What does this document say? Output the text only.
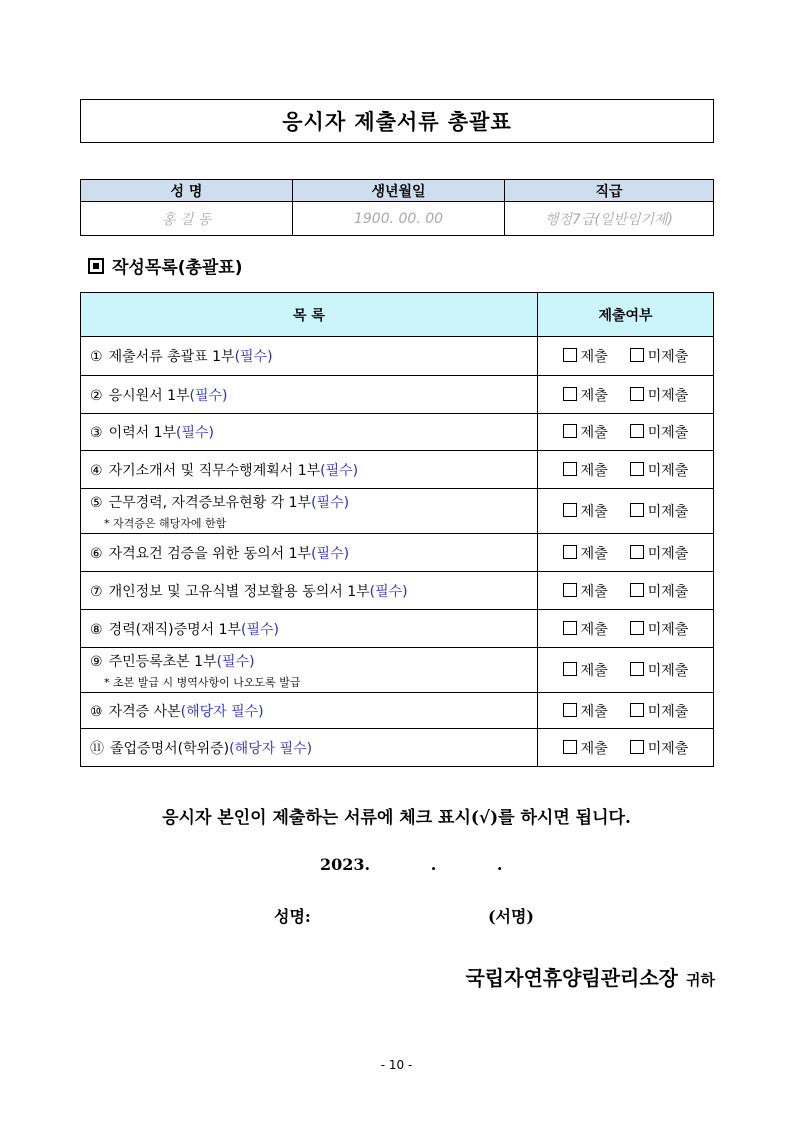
응시자 제출서류 총괄표
성 명	생년월일	직급
홍 길 동	1900. 00. 00	행정7급(일반임기제)
작성목록(총괄표)
목 록	제출여부
① 제출서류 총괄표 1부(필수)	제출 미제출
② 응시원서 1부(필수)	제출 미제출
③ 이력서 1부(필수)	제출 미제출
④ 자기소개서 및 직무수행계획서 1부(필수)	제출 미제출
⑤ 근무경력, 자격증보유현황 각 1부(필수)
* 자격증은 해당자에 한함	제출 미제출
⑥ 자격요건 검증을 위한 동의서 1부(필수)	제출 미제출
⑦ 개인정보 및 고유식별 정보활용 동의서 1부(필수)	제출 미제출
⑧ 경력(재직)증명서 1부(필수)	제출 미제출
⑨ 주민등록초본 1부(필수)
* 초본 발급 시 병역사항이 나오도록 발급	제출 미제출
⑩ 자격증 사본(해당자 필수)	제출 미제출
⑪ 졸업증명서(학위증)(해당자 필수)	제출 미제출
응시자 본인이 제출하는 서류에 체크 표시(√)를 하시면 됩니다.
2023.	.	.
성명:	(서명)
국립자연휴양림관리소장 귀하
- 10 -
